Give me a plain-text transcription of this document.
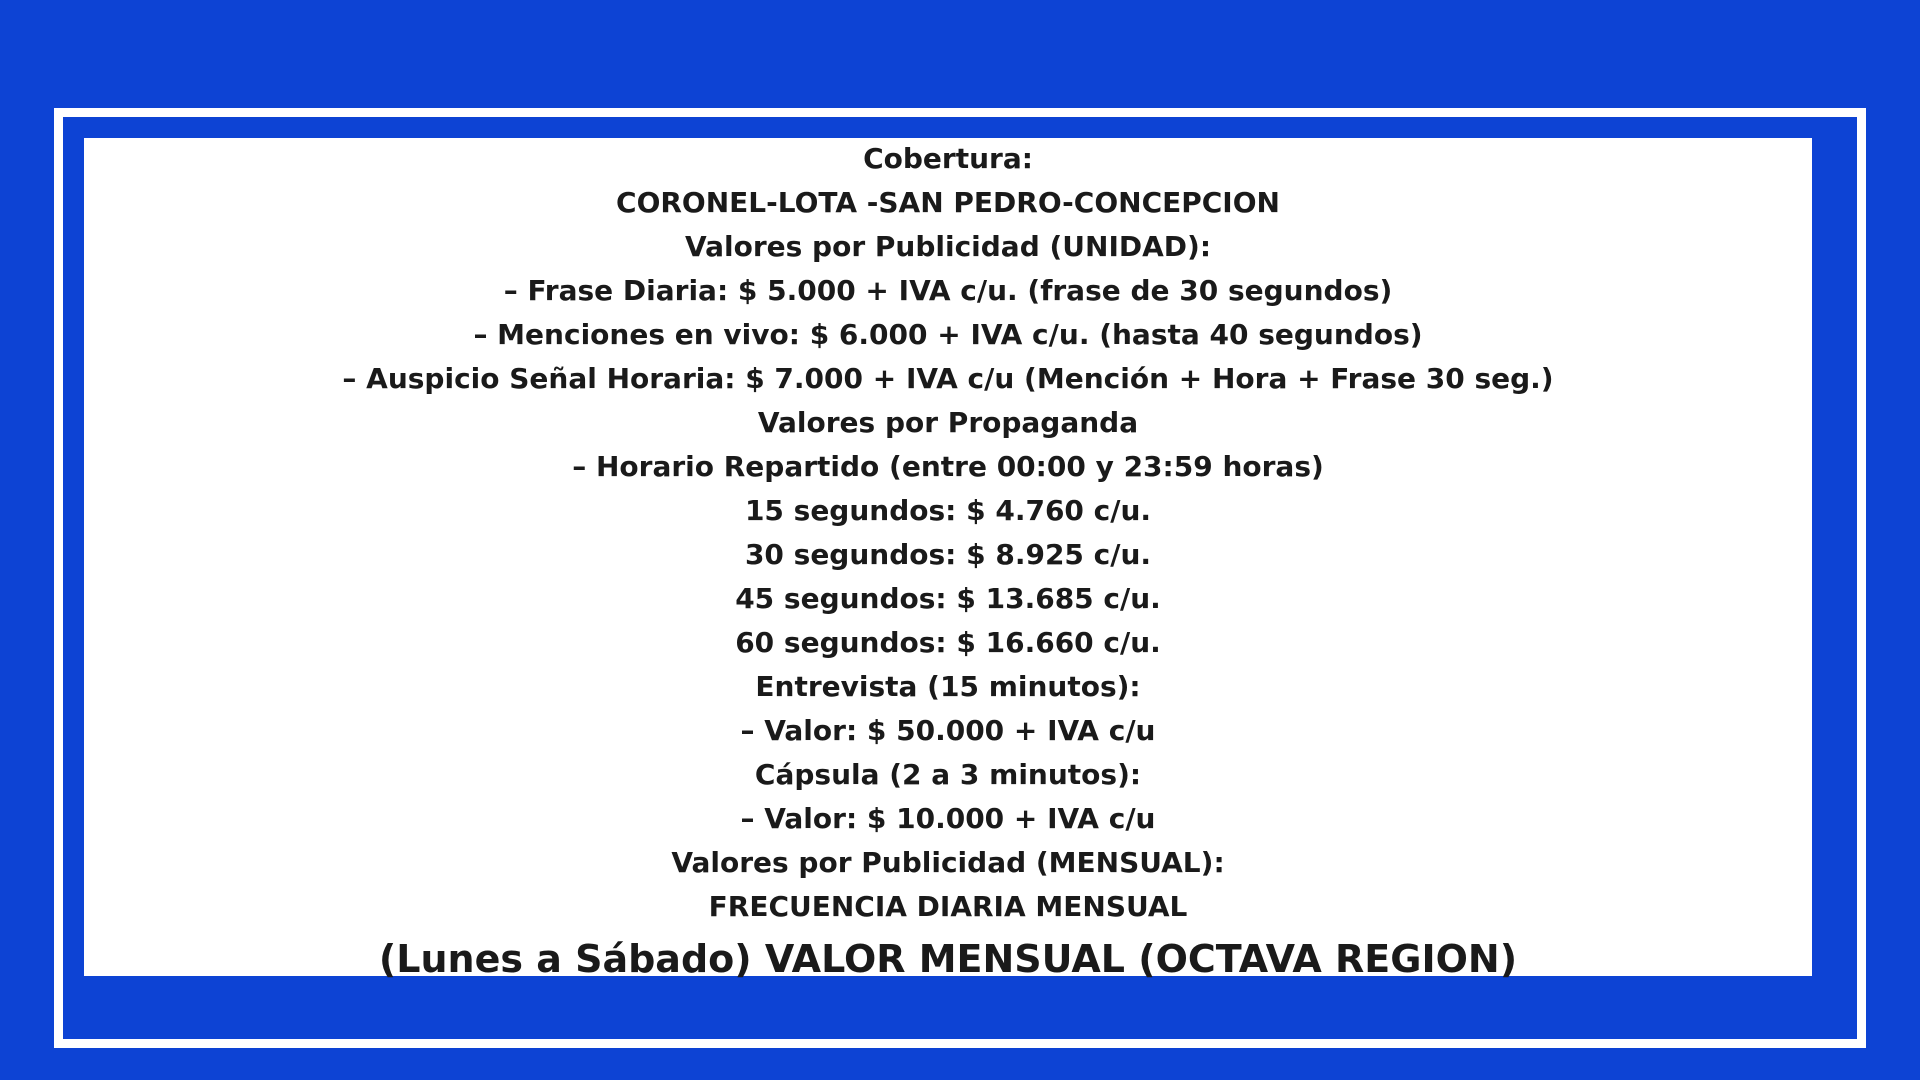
Cobertura:
CORONEL-LOTA -SAN PEDRO-CONCEPCION
Valores por Publicidad (UNIDAD):
– Frase Diaria: $ 5.000 + IVA c/u. (frase de 30 segundos)
– Menciones en vivo: $ 6.000 + IVA c/u. (hasta 40 segundos)
– Auspicio Señal Horaria: $ 7.000 + IVA c/u (Mención + Hora + Frase 30 seg.)
Valores por Propaganda
– Horario Repartido (entre 00:00 y 23:59 horas)
15 segundos: $ 4.760 c/u.
30 segundos: $ 8.925 c/u.
45 segundos: $ 13.685 c/u.
60 segundos: $ 16.660 c/u.
Entrevista (15 minutos):
– Valor: $ 50.000 + IVA c/u
Cápsula (2 a 3 minutos):
– Valor: $ 10.000 + IVA c/u
Valores por Publicidad (MENSUAL):
FRECUENCIA DIARIA MENSUAL
(Lunes a Sábado) VALOR MENSUAL (OCTAVA REGION)
